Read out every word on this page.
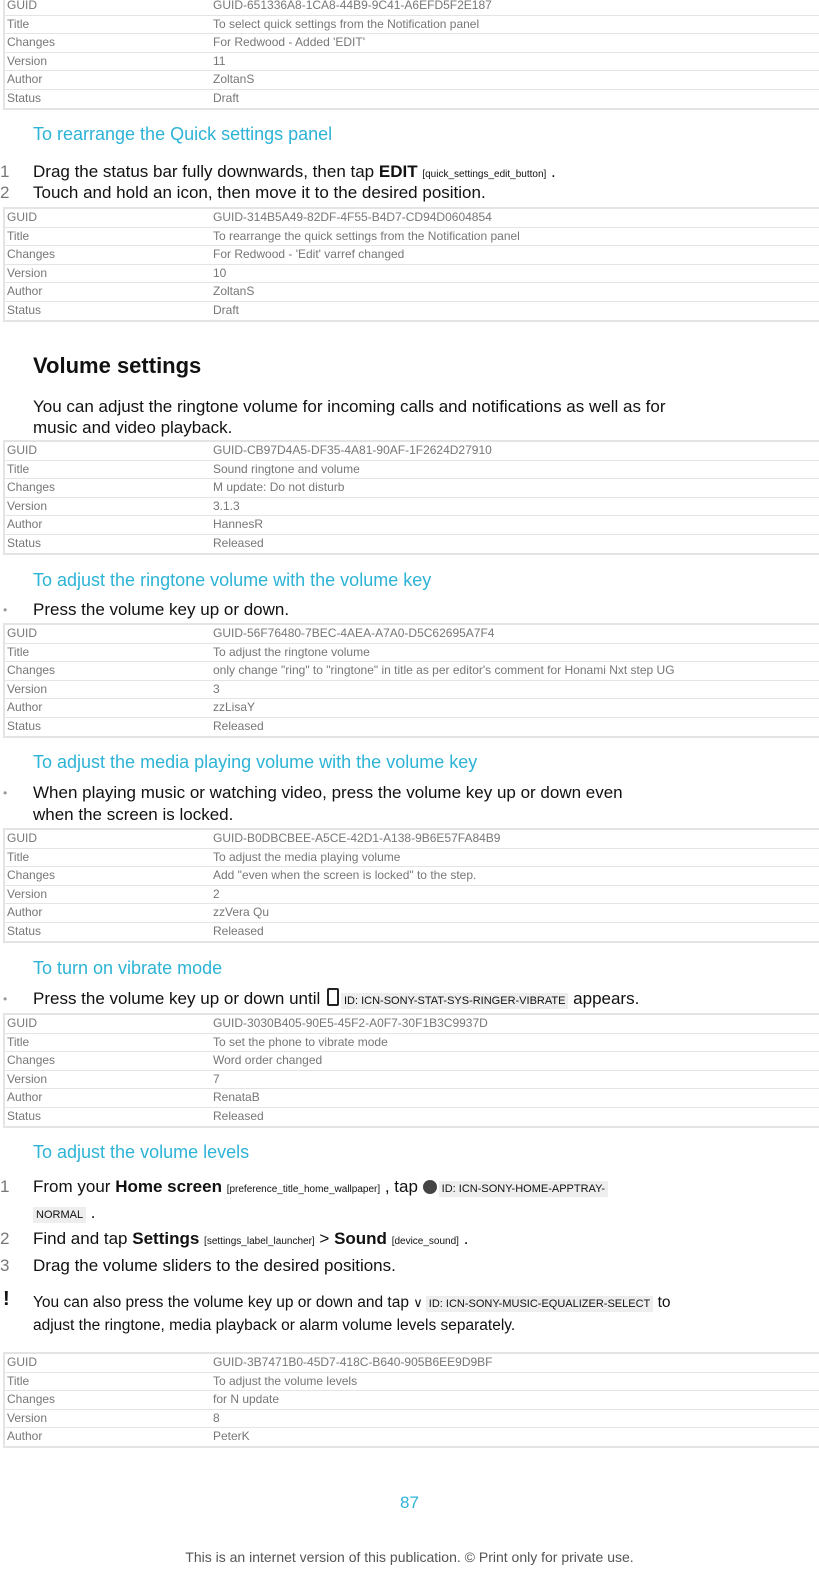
GUID	GUID-651336A8-1CA8-44B9-9C41-A6EFD5F2E187
Title	To select quick settings from the Notification panel
Changes	For Redwood - Added 'EDIT'
Version	11
Author	ZoltanS
Status	Draft
To rearrange the Quick settings panel
1	Drag the status bar fully downwards, then tap EDIT [quick_settings_edit_button] .
2	Touch and hold an icon, then move it to the desired position.
GUID	GUID-314B5A49-82DF-4F55-B4D7-CD94D0604854
Title	To rearrange the quick settings from the Notification panel
Changes	For Redwood - 'Edit' varref changed
Version	10
Author	ZoltanS
Status	Draft
Volume settings
You can adjust the ringtone volume for incoming calls and notifications as well as for
music and video playback.
GUID	GUID-CB97D4A5-DF35-4A81-90AF-1F2624D27910
Title	Sound ringtone and volume
Changes	M update: Do not disturb
Version	3.1.3
Author	HannesR
Status	Released
To adjust the ringtone volume with the volume key
•	Press the volume key up or down.
GUID	GUID-56F76480-7BEC-4AEA-A7A0-D5C62695A7F4
Title	To adjust the ringtone volume
Changes	only change "ring" to "ringtone" in title as per editor's comment for Honami Nxt step UG
Version	3
Author	zzLisaY
Status	Released
To adjust the media playing volume with the volume key
•	When playing music or watching video, press the volume key up or down even
when the screen is locked.
GUID	GUID-B0DBCBEE-A5CE-42D1-A138-9B6E57FA84B9
Title	To adjust the media playing volume
Changes	Add "even when the screen is locked" to the step.
Version	2
Author	zzVera Qu
Status	Released
To turn on vibrate mode
•	Press the volume key up or down until ID: ICN-SONY-STAT-SYS-RINGER-VIBRATE appears.
GUID	GUID-3030B405-90E5-45F2-A0F7-30F1B3C9937D
Title	To set the phone to vibrate mode
Changes	Word order changed
Version	7
Author	RenataB
Status	Released
To adjust the volume levels
1	From your Home screen [preference_title_home_wallpaper] , tap ID: ICN-SONY-HOME-APPTRAY-
NORMAL .
2	Find and tap Settings [settings_label_launcher] > Sound [device_sound] .
3	Drag the volume sliders to the desired positions.
! You can also press the volume key up or down and tap ∨ ID: ICN-SONY-MUSIC-EQUALIZER-SELECT to
adjust the ringtone, media playback or alarm volume levels separately.
GUID	GUID-3B7471B0-45D7-418C-B640-905B6EE9D9BF
Title	To adjust the volume levels
Changes	for N update
Version	8
Author	PeterK
87
This is an internet version of this publication. © Print only for private use.
